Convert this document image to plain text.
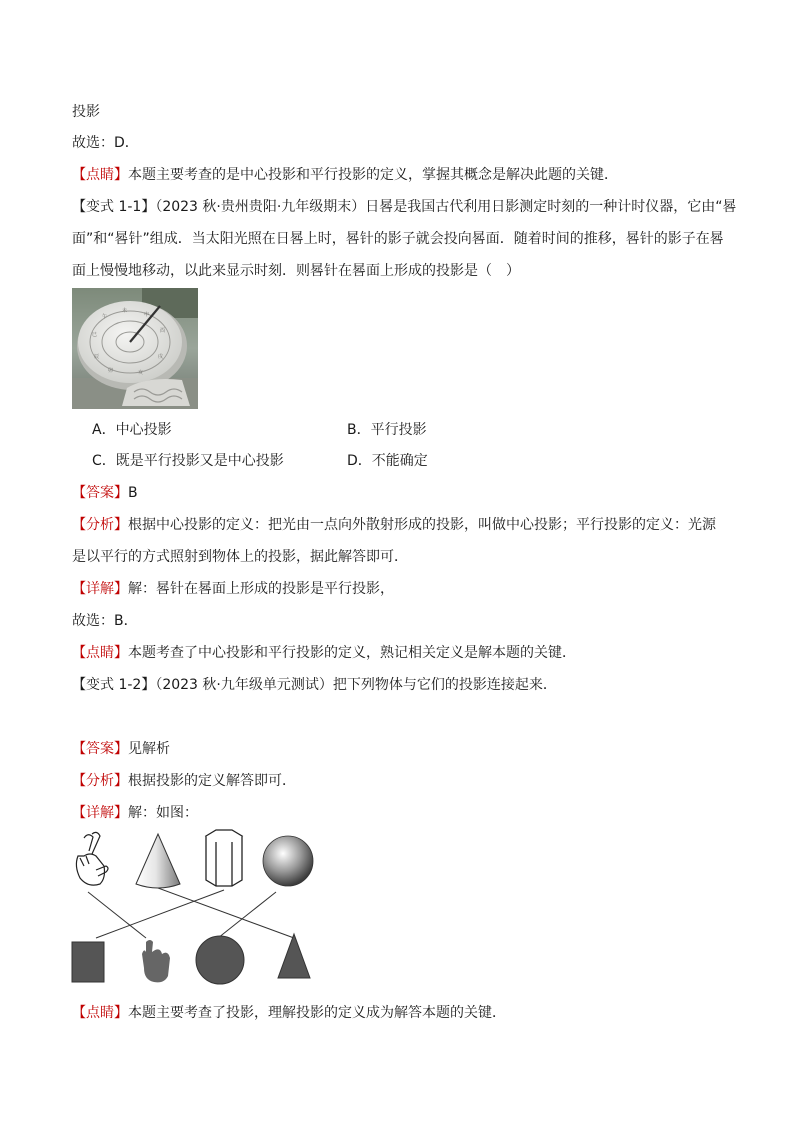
投影
故选：D．
【点睛】本题主要考查的是中心投影和平行投影的定义，掌握其概念是解决此题的关键．
【变式 1-1】（2023 秋·贵州贵阳·九年级期末）日晷是我国古代利用日影测定时刻的一种计时仪器，它由“晷
面”和“晷针”组成．当太阳光照在日晷上时，晷针的影子就会投向晷面．随着时间的推移，晷针的影子在晷
面上慢慢地移动，以此来显示时刻．则晷针在晷面上形成的投影是（　）
午
未
申
巳
酉
辰	戌
卯	亥
A．中心投影	B．平行投影
C．既是平行投影又是中心投影	D．不能确定
【答案】B
【分析】根据中心投影的定义：把光由一点向外散射形成的投影，叫做中心投影；平行投影的定义：光源
是以平行的方式照射到物体上的投影，据此解答即可．
【详解】解：晷针在晷面上形成的投影是平行投影，
故选：B．
【点睛】本题考查了中心投影和平行投影的定义，熟记相关定义是解本题的关键．
【变式 1-2】（2023 秋·九年级单元测试）把下列物体与它们的投影连接起来．
【答案】见解析
【分析】根据投影的定义解答即可．
【详解】解：如图：
【点睛】本题主要考查了投影，理解投影的定义成为解答本题的关键．
